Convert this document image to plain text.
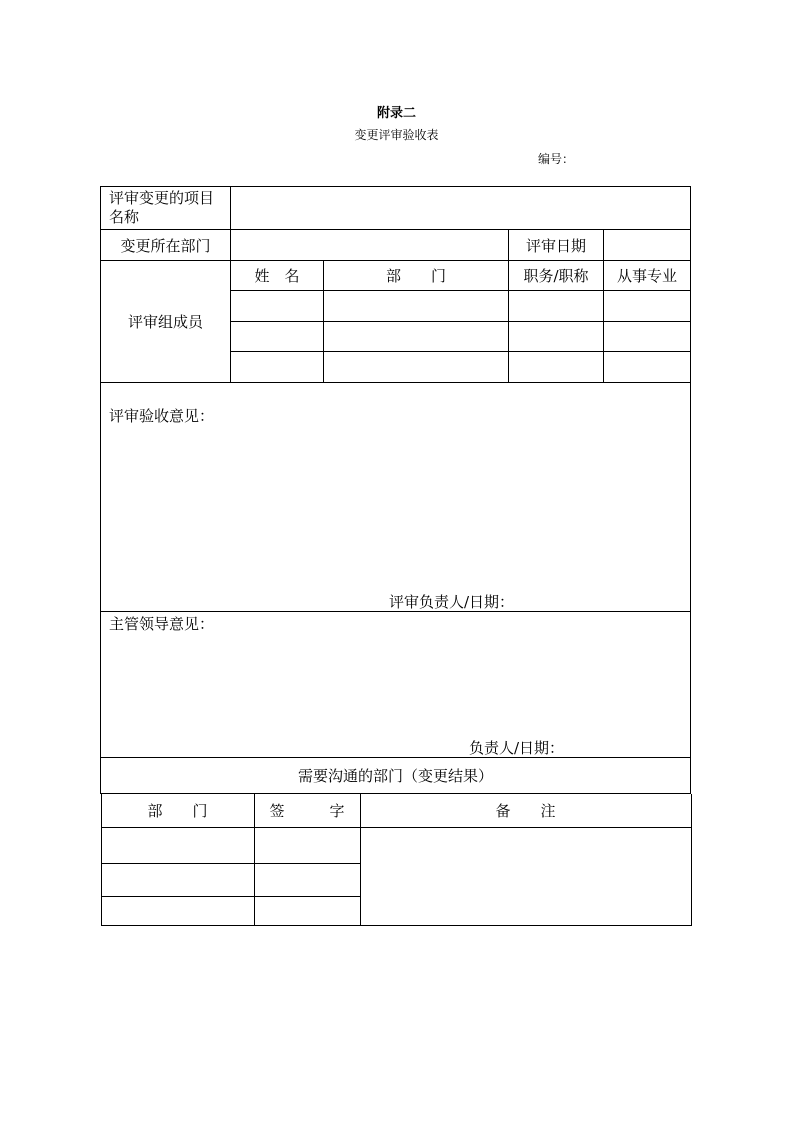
附录二
变更评审验收表
编号：
评审变更的项目名称	
变更所在部门		评审日期	
评审组成员	姓　名	部　　门	职务/职称	从事专业

评审验收意见：
评审负责人/日期：

主管领导意见：
负责人/日期：

需要沟通的部门（变更结果）

部　　门	签　　　字	备　　注
